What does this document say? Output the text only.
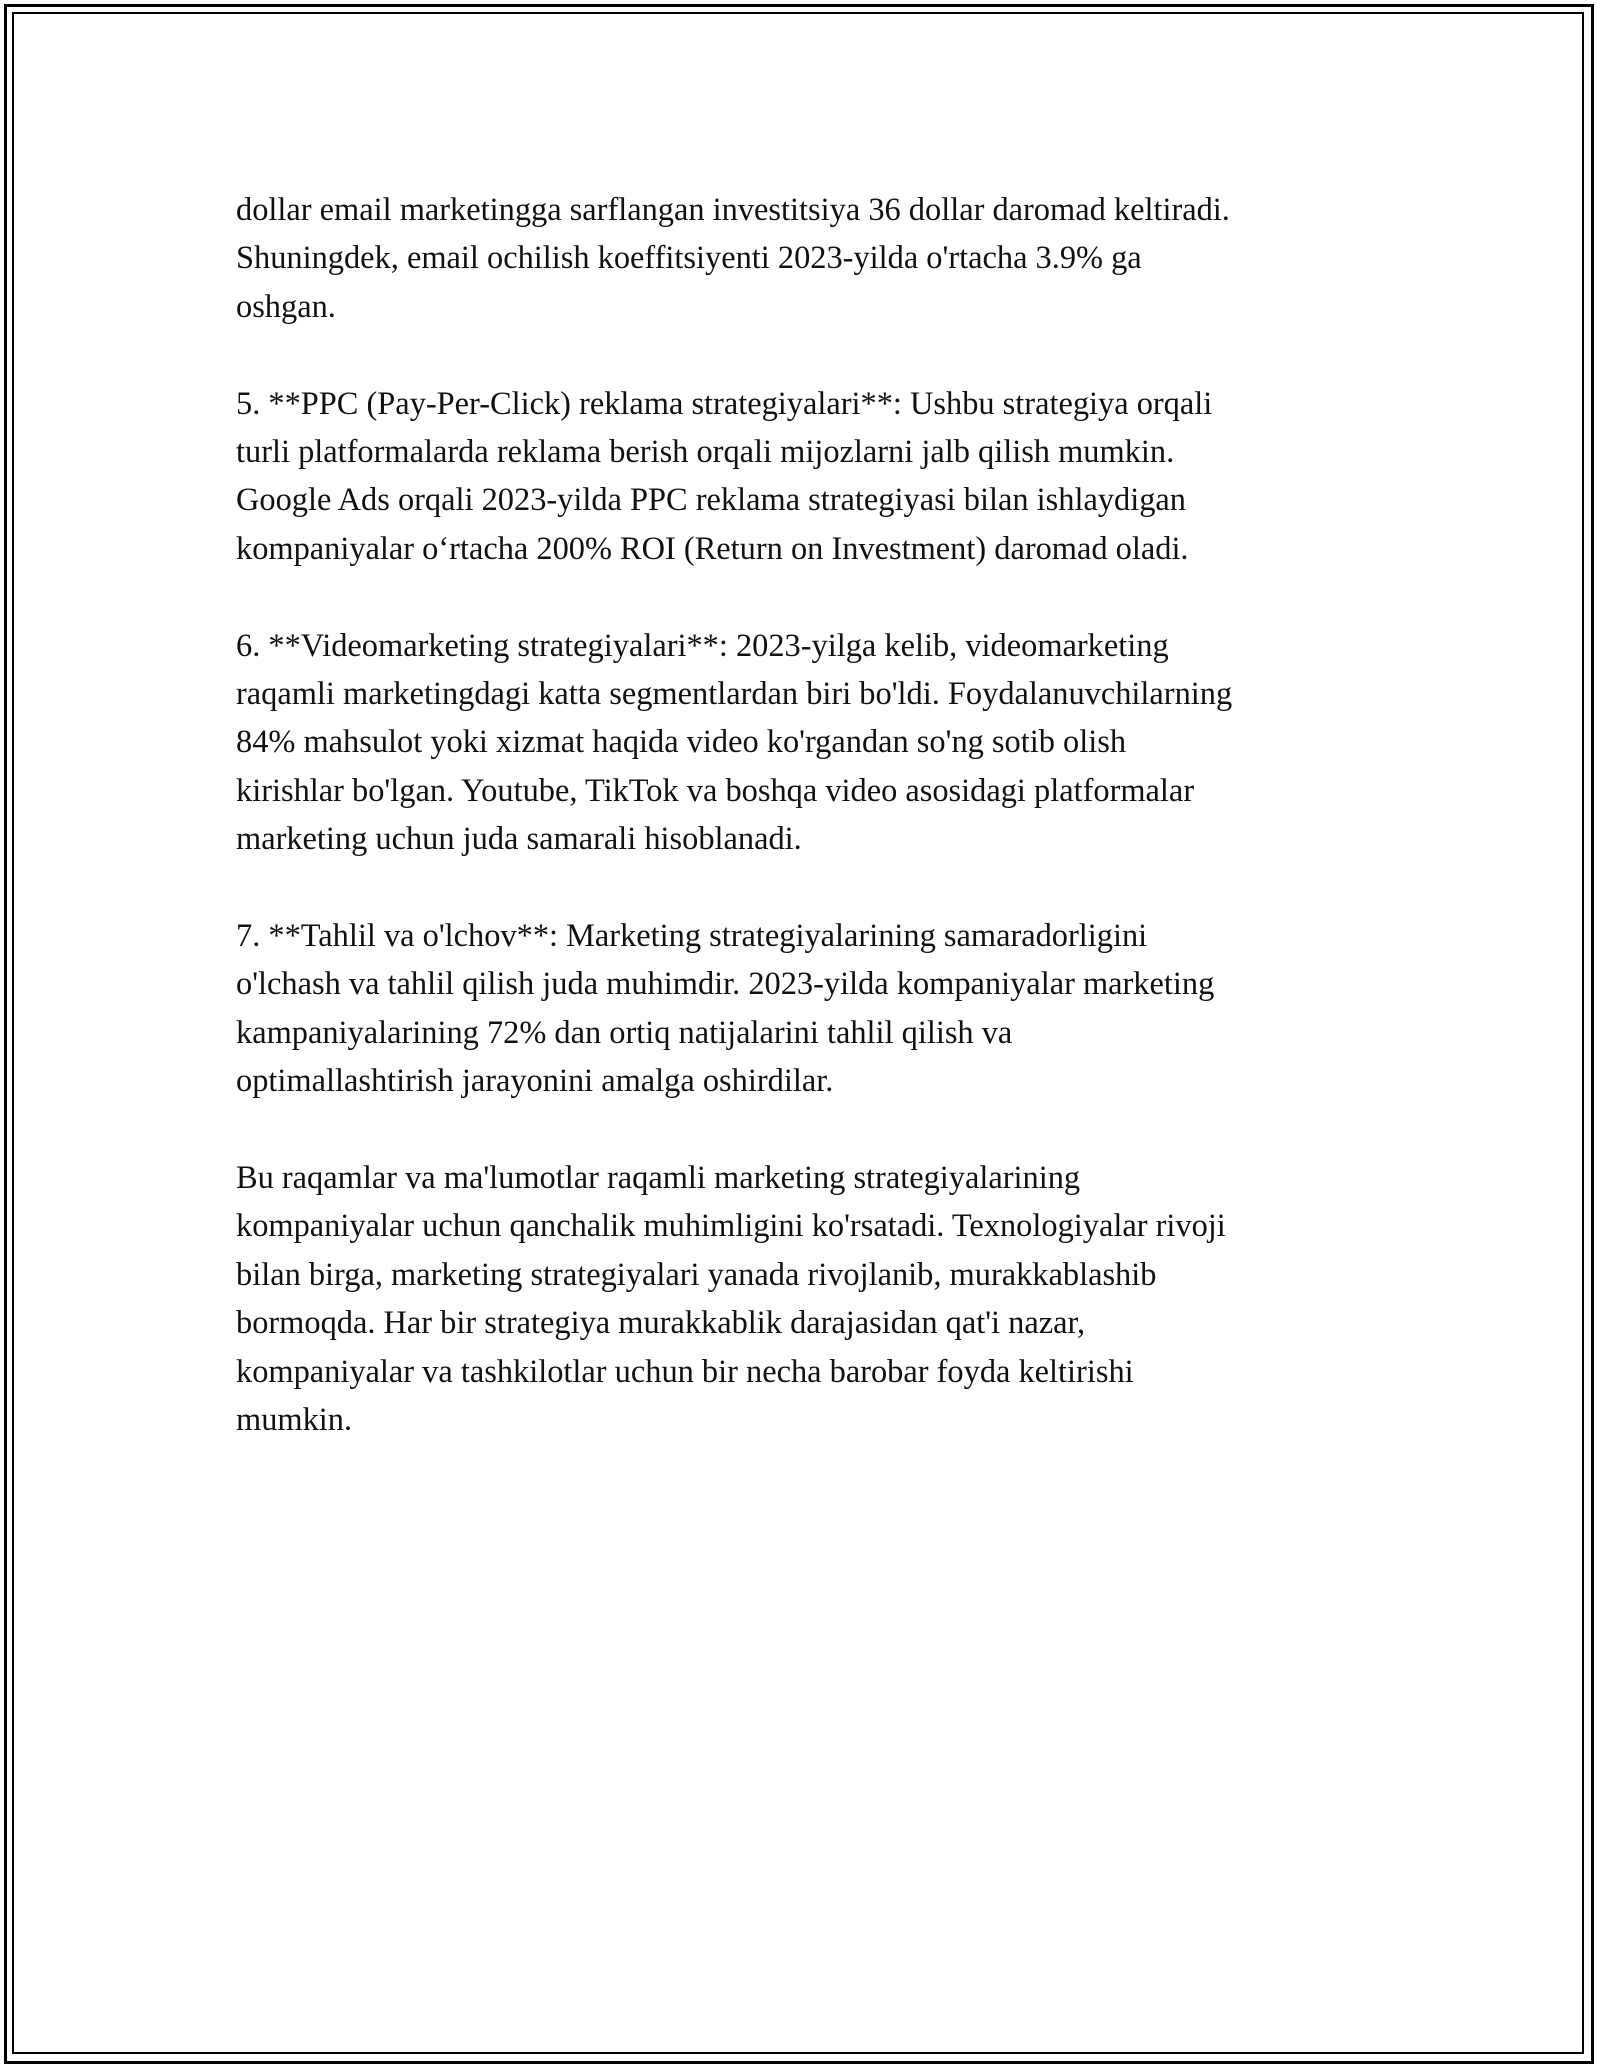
dollar email marketingga sarflangan investitsiya 36 dollar daromad keltiradi.
Shuningdek, email ochilish koeffitsiyenti 2023-yilda o'rtacha 3.9% ga
oshgan.

5. **PPC (Pay-Per-Click) reklama strategiyalari**: Ushbu strategiya orqali
turli platformalarda reklama berish orqali mijozlarni jalb qilish mumkin.
Google Ads orqali 2023-yilda PPC reklama strategiyasi bilan ishlaydigan
kompaniyalar o‘rtacha 200% ROI (Return on Investment) daromad oladi.

6. **Videomarketing strategiyalari**: 2023-yilga kelib, videomarketing
raqamli marketingdagi katta segmentlardan biri bo'ldi. Foydalanuvchilarning
84% mahsulot yoki xizmat haqida video ko'rgandan so'ng sotib olish
kirishlar bo'lgan. Youtube, TikTok va boshqa video asosidagi platformalar
marketing uchun juda samarali hisoblanadi.

7. **Tahlil va o'lchov**: Marketing strategiyalarining samaradorligini
o'lchash va tahlil qilish juda muhimdir. 2023-yilda kompaniyalar marketing
kampaniyalarining 72% dan ortiq natijalarini tahlil qilish va
optimallashtirish jarayonini amalga oshirdilar.

Bu raqamlar va ma'lumotlar raqamli marketing strategiyalarining
kompaniyalar uchun qanchalik muhimligini ko'rsatadi. Texnologiyalar rivoji
bilan birga, marketing strategiyalari yanada rivojlanib, murakkablashib
bormoqda. Har bir strategiya murakkablik darajasidan qat'i nazar,
kompaniyalar va tashkilotlar uchun bir necha barobar foyda keltirishi
mumkin.
